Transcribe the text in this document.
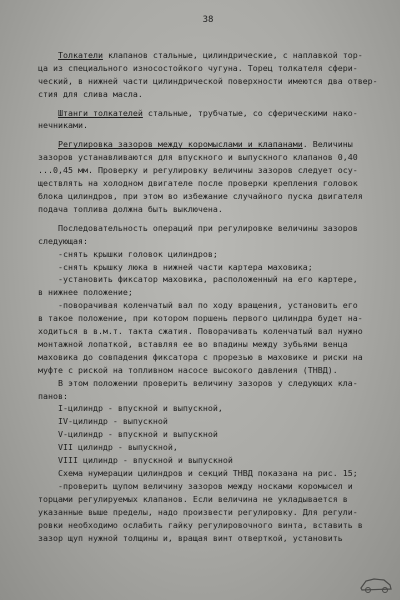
38
Толкатели клапанов стальные, цилиндрические, с наплавкой тор-
ца из специального износостойкого чугуна. Торец толкателя сфери-
ческий, в нижней части цилиндрической поверхности имеются два отвер-
стия для слива масла.
Штанги толкателей стальные, трубчатые, со сферическими нако-
нечниками.
Регулировка зазоров между коромыслами и клапанами. Величины
зазоров устанавливаются для впускного и выпускного клапанов 0,40
...0,45 мм. Проверку и регулировку величины зазоров следует осу-
ществлять на холодном двигателе после проверки крепления головок
блока цилиндров, при этом во избежание случайного пуска двигателя
подача топлива должна быть выключена.
Последовательность операций при регулировке величины зазоров
следующая:
-снять крышки головок цилиндров;
-снять крышку люка в нижней части картера маховика;
-установить фиксатор маховика, расположенный на его картере,
в нижнее положение;
-поворачивая коленчатый вал по ходу вращения, установить его
в такое положение, при котором поршень первого цилиндра будет на-
ходиться в в.м.т. такта сжатия. Поворачивать коленчатый вал нужно
монтажной лопаткой, вставляя ее во впадины между зубьями венца
маховика до совпадения фиксатора с прорезью в маховике и риски на
муфте с риской на топливном насосе высокого давления (ТНВД).
В этом положении проверить величину зазоров у следующих кла-
панов:
I-цилиндр - впускной и выпускной,
IV-цилиндр - выпускной
V-цилиндр - впускной и выпускной
VII цилиндр - выпускной,
VIII цилиндр - впускной и выпускной
Схема нумерации цилиндров и секций ТНВД показана на рис. 15;
-проверить щупом величину зазоров между носками коромысел и
торцами регулируемых клапанов. Если величина не укладывается в
указанные выше пределы, надо произвести регулировку. Для регули-
ровки необходимо ослабить гайку регулировочного винта, вставить в
зазор щуп нужной толщины и, вращая винт отверткой, установить
